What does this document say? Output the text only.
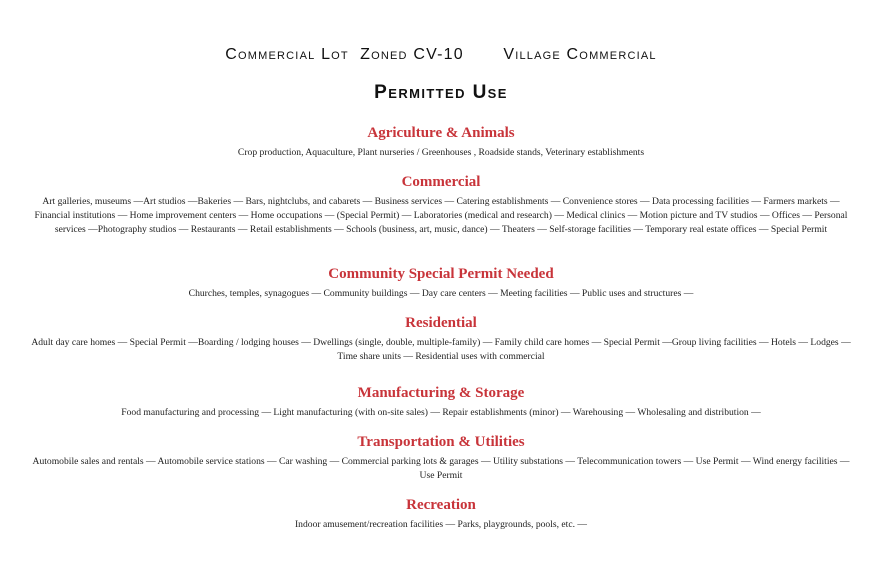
Commercial Lot  Zoned CV-10       Village Commercial
Permitted Use
Agriculture & Animals

Crop production, Aquaculture, Plant nurseries / Greenhouses , Roadside stands, Veterinary establishments

Commercial

Art galleries, museums —Art studios —Bakeries — Bars, nightclubs, and cabarets — Business services — Catering establishments — Convenience stores — Data processing facilities — Farmers markets — Financial institutions — Home improvement centers — Home occupations — (Special Permit) — Laboratories (medical and research) — Medical clinics — Motion picture and TV studios — Offices — Personal services —Photography studios — Restaurants — Retail establishments — Schools (business, art, music, dance) — Theaters — Self-storage facilities — Temporary real estate offices — Special Permit

Community Special Permit Needed

Churches, temples, synagogues — Community buildings — Day care centers — Meeting facilities — Public uses and structures —

Residential

Adult day care homes — Special Permit —Boarding / lodging houses — Dwellings (single, double, multiple-family) — Family child care homes — Special Permit —Group living facilities — Hotels — Lodges —Time share units — Residential uses with commercial

Manufacturing & Storage

Food manufacturing and processing — Light manufacturing (with on-site sales) — Repair establishments (minor) — Warehousing — Wholesaling and distribution —

Transportation & Utilities

Automobile sales and rentals — Automobile service stations — Car washing — Commercial parking lots & garages — Utility substations — Telecommunication towers — Use Permit — Wind energy facilities — Use Permit

Recreation

Indoor amusement/recreation facilities — Parks, playgrounds, pools, etc. —
